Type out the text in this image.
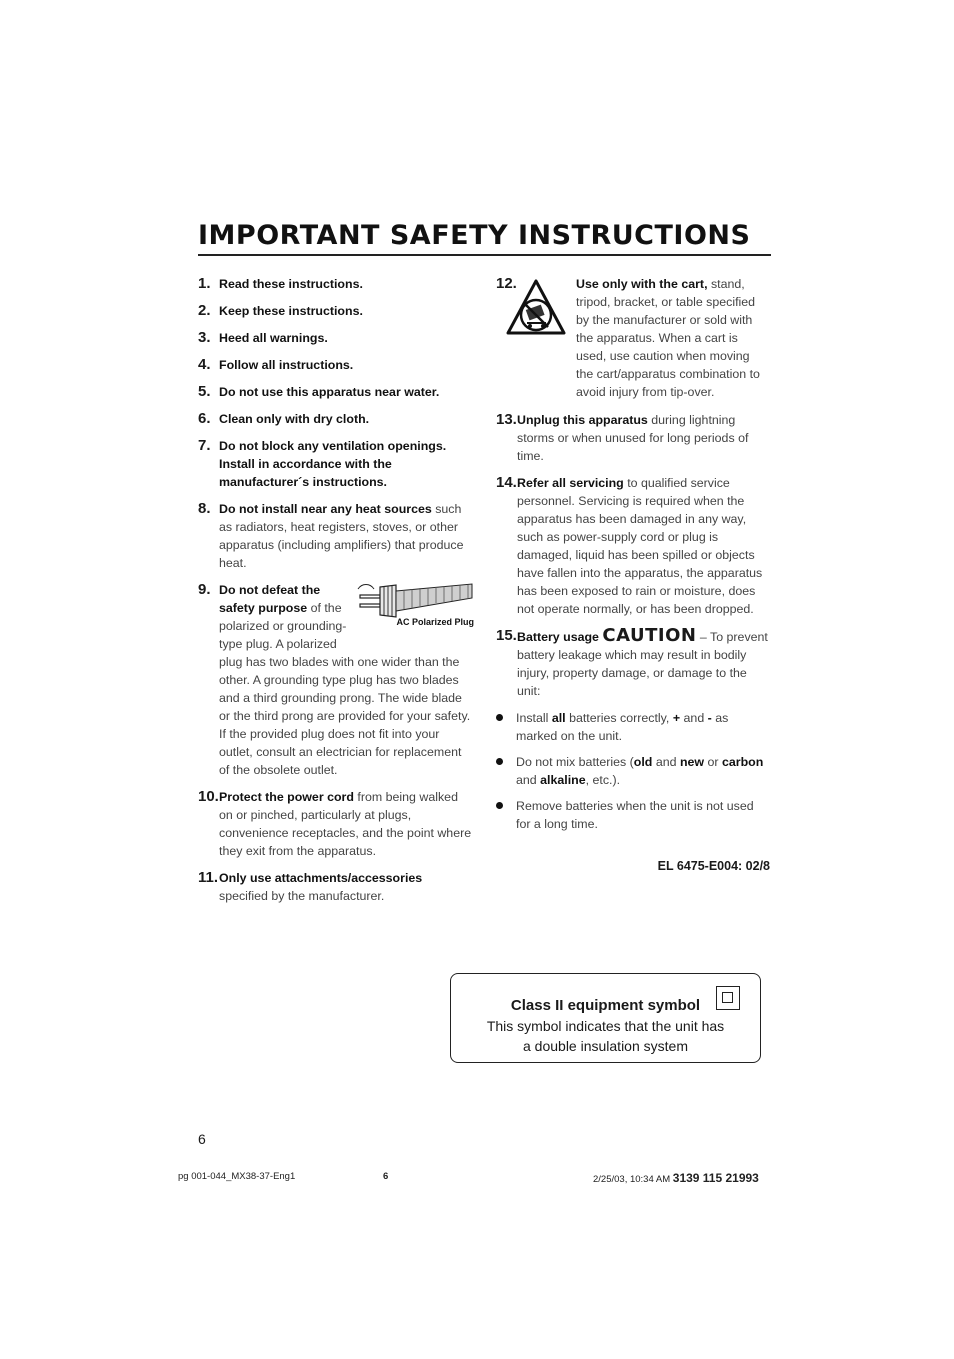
IMPORTANT SAFETY INSTRUCTIONS
1. Read these instructions.
2. Keep these instructions.
3. Heed all warnings.
4. Follow all instructions.
5. Do not use this apparatus near water.
6. Clean only with dry cloth.
7. Do not block any ventilation openings. Install in accordance with the manufacturer´s instructions.
8. Do not install near any heat sources such as radiators, heat registers, stoves, or other apparatus (including amplifiers) that produce heat.
9.
AC Polarized Plug
Do not defeat the safety purpose of the polarized or grounding-type plug. A polarized plug has two blades with one wider than the other. A grounding type plug has two blades and a third grounding prong. The wide blade or the third prong are provided for your safety. If the provided plug does not fit into your outlet, consult an electrician for replacement of the obsolete outlet.
10. Protect the power cord from being walked on or pinched, particularly at plugs, convenience receptacles, and the point where they exit from the apparatus.
11. Only use attachments/accessories specified by the manufacturer.
12.	Use only with the cart, stand, tripod, bracket, or table specified by the manufacturer or sold with the apparatus. When a cart is used, use caution when moving the cart/apparatus combination to avoid injury from tip-over.
13. Unplug this apparatus during lightning storms or when unused for long periods of time.
14. Refer all servicing to qualified service personnel. Servicing is required when the apparatus has been damaged in any way, such as power-supply cord or plug is damaged, liquid has been spilled or objects have fallen into the apparatus, the apparatus has been exposed to rain or moisture, does not operate normally, or has been dropped.
15. Battery usage CAUTION – To prevent battery leakage which may result in bodily injury, property damage, or damage to the unit:
Install all batteries correctly, + and - as marked on the unit.
Do not mix batteries (old and new or carbon and alkaline, etc.).
Remove batteries when the unit is not used for a long time.
EL 6475-E004: 02/8
Class II equipment symbol
This symbol indicates that the unit has
a double insulation system
6
pg 001-044_MX38-37-Eng1	6	2/25/03, 10:34 AM 3139 115 21993
